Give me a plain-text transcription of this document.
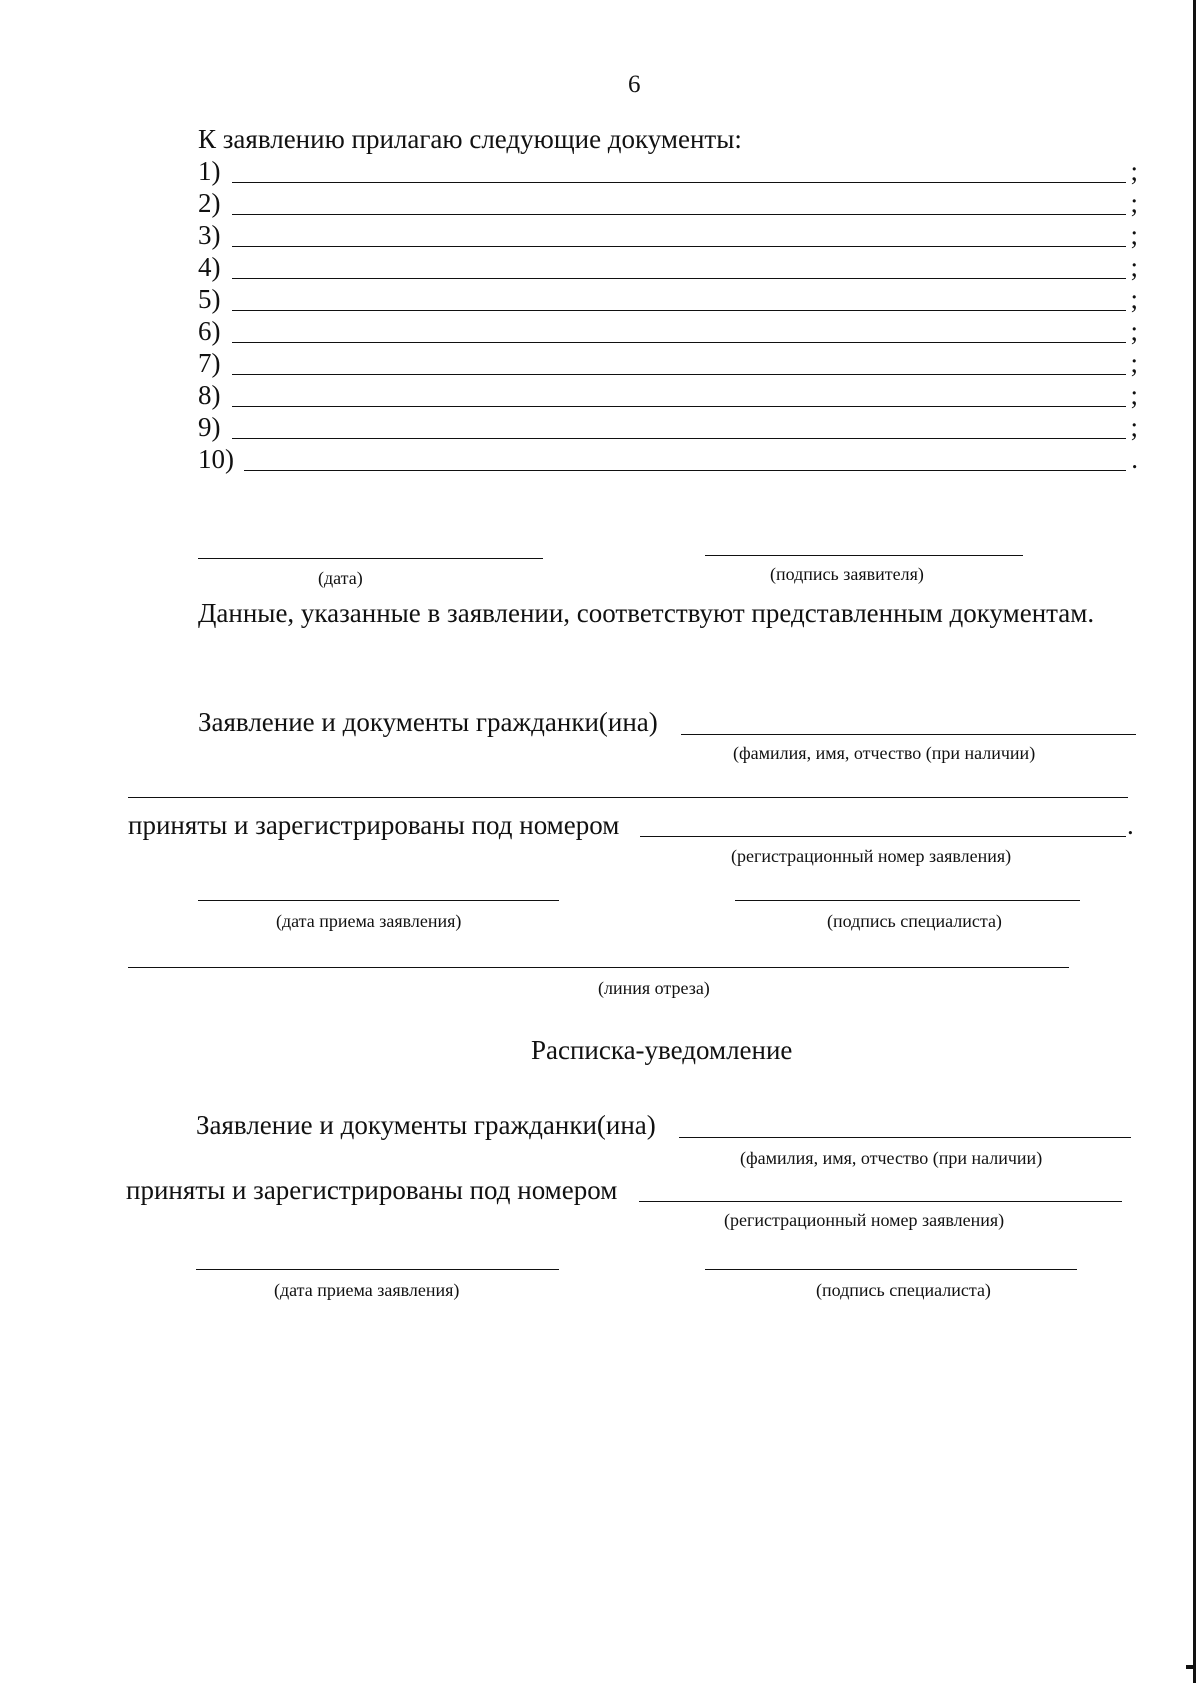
6
К заявлению прилагаю следующие документы:
1)	;
2)	;
3)	;
4)	;
5)	;
6)	;
7)	;
8)	;
9)	;
10)	.
(дата)	(подпись заявителя)
Данные, указанные в заявлении, соответствуют представленным документам.
Заявление и документы гражданки(ина)
(фамилия, имя, отчество (при наличии)
приняты и зарегистрированы под номером	.
(регистрационный номер заявления)
(дата приема заявления)	(подпись специалиста)
(линия отреза)
Расписка-уведомление
Заявление и документы гражданки(ина)
(фамилия, имя, отчество (при наличии)
приняты и зарегистрированы под номером
(регистрационный номер заявления)
(дата приема заявления)	(подпись специалиста)
